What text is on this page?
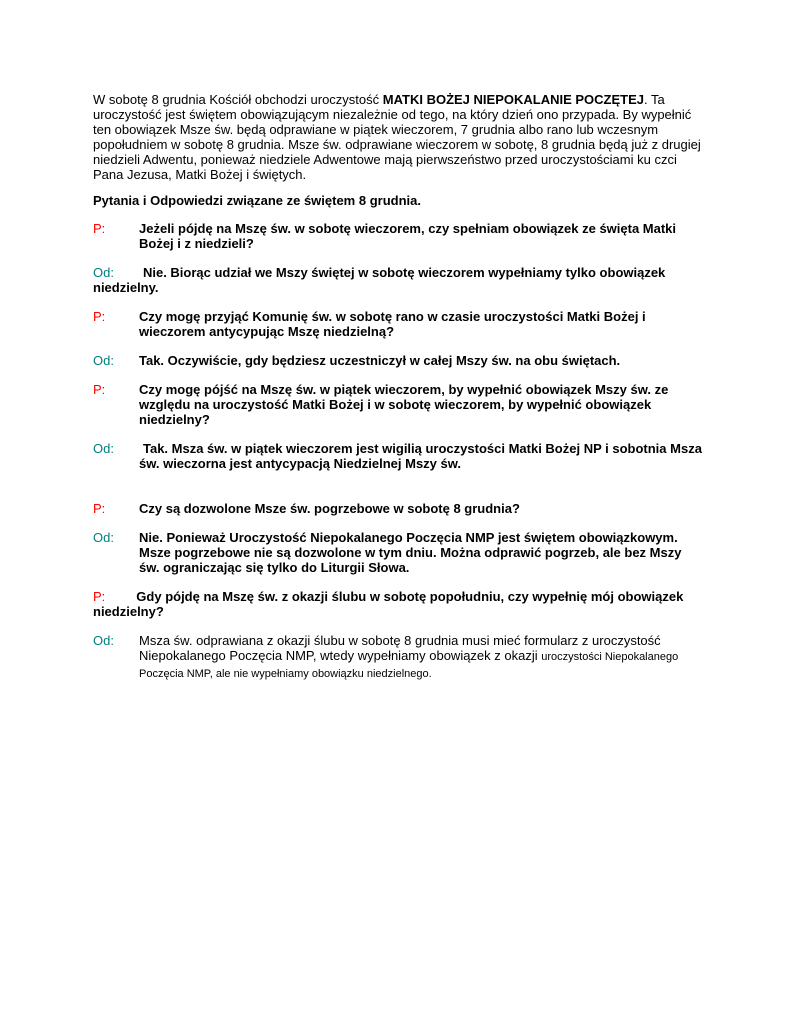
W sobotę 8 grudnia Kościół obchodzi uroczystość MATKI BOŻEJ NIEPOKALANIE POCZĘTEJ. Ta uroczystość jest świętem obowiązującym niezależnie od tego, na który dzień ono przypada. By wypełnić ten obowiązek Msze św. będą odprawiane w piątek wieczorem, 7 grudnia albo rano lub wczesnym popołudniem w sobotę 8 grudnia. Msze św. odprawiane wieczorem w sobotę, 8 grudnia będą już z drugiej niedzieli Adwentu, ponieważ niedziele Adwentowe mają pierwszeństwo przed uroczystościami ku czci Pana Jezusa, Matki Bożej i świętych.

Pytania i Odpowiedzi związane ze świętem 8 grudnia.

P:	Jeżeli pójdę na Mszę św. w sobotę wieczorem, czy spełniam obowiązek ze święta Matki Bożej i z niedzieli?

Od: Nie. Biorąc udział we Mszy świętej w sobotę wieczorem wypełniamy tylko obowiązek niedzielny.

P:	Czy mogę przyjąć Komunię św. w sobotę rano w czasie uroczystości Matki Bożej i wieczorem antycypując Mszę niedzielną?

Od: Tak. Oczywiście, gdy będziesz uczestniczył w całej Mszy św. na obu świętach.

P:	Czy mogę pójść na Mszę św. w piątek wieczorem, by wypełnić obowiązek Mszy św. ze względu na uroczystość Matki Bożej i w sobotę wieczorem, by wypełnić obowiązek niedzielny?

Od:	Tak. Msza św. w piątek wieczorem jest wigilią uroczystości Matki Bożej NP i sobotnia Msza św. wieczorna jest antycypacją Niedzielnej Mszy św.

P:	Czy są dozwolone Msze św. pogrzebowe w sobotę 8 grudnia?

Od: Nie. Ponieważ Uroczystość Niepokalanego Poczęcia NMP jest świętem obowiązkowym. Msze pogrzebowe nie są dozwolone w tym dniu. Można odprawić pogrzeb, ale bez Mszy św. ograniczając się tylko do Liturgii Słowa.

P: Gdy pójdę na Mszę św. z okazji ślubu w sobotę popołudniu, czy wypełnię mój obowiązek niedzielny?

Od: Msza św. odprawiana z okazji ślubu w sobotę 8 grudnia musi mieć formularz z uroczystość Niepokalanego Poczęcia NMP, wtedy wypełniamy obowiązek z okazji uroczystości Niepokalanego Poczęcia NMP, ale nie wypełniamy obowiązku niedzielnego.
